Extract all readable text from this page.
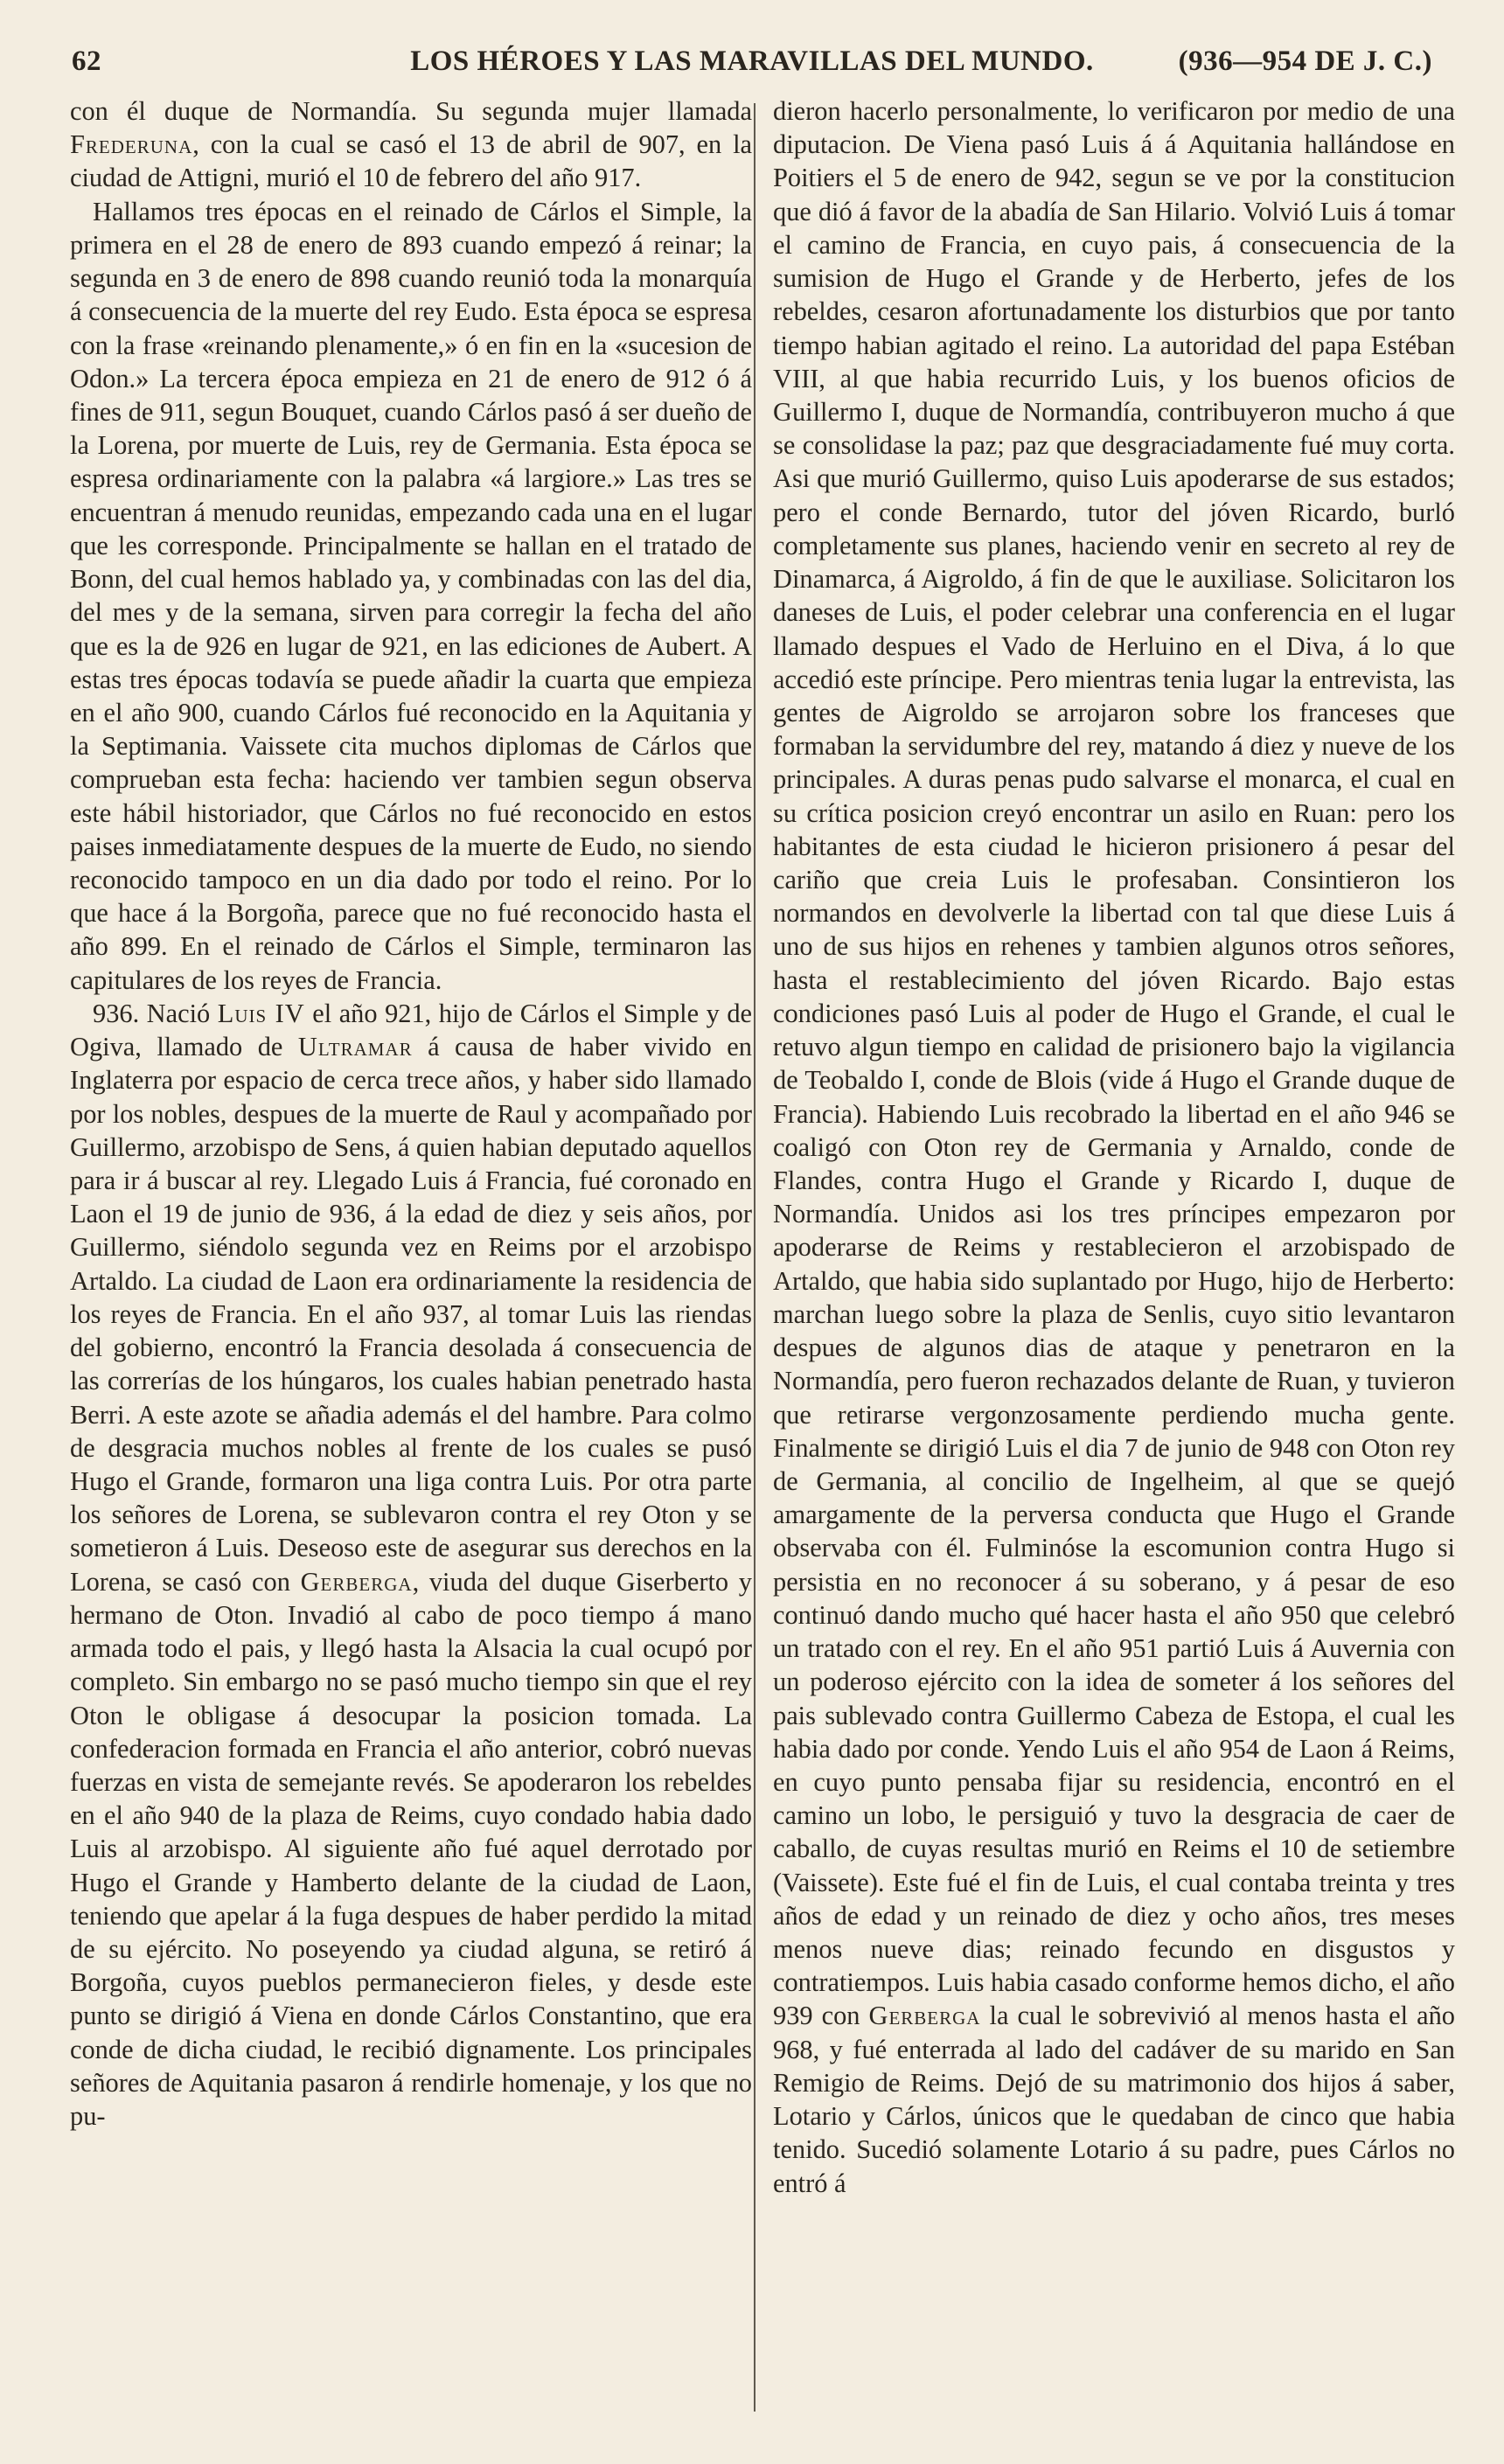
62	LOS HÉROES Y LAS MARAVILLAS DEL MUNDO.	(936—954 DE J. C.)

con él duque de Normandía. Su segunda mujer llamada Frederuna, con la cual se casó el 13 de abril de 907, en la ciudad de Attigni, murió el 10 de febrero del año 917.

Hallamos tres épocas en el reinado de Cárlos el Simple, la primera en el 28 de enero de 893 cuando empezó á reinar; la segunda en 3 de enero de 898 cuando reunió toda la monarquía á consecuencia de la muerte del rey Eudo. Esta época se espresa con la frase «reinando plenamente,» ó en fin en la «sucesion de Odon.» La tercera época empieza en 21 de enero de 912 ó á fines de 911, segun Bouquet, cuando Cárlos pasó á ser dueño de la Lorena, por muerte de Luis, rey de Germania. Esta época se espresa ordinariamente con la palabra «á largiore.» Las tres se encuentran á menudo reunidas, empezando cada una en el lugar que les corresponde. Principalmente se hallan en el tratado de Bonn, del cual hemos hablado ya, y combinadas con las del dia, del mes y de la semana, sirven para corregir la fecha del año que es la de 926 en lugar de 921, en las ediciones de Aubert. A estas tres épocas todavía se puede añadir la cuarta que empieza en el año 900, cuando Cárlos fué reconocido en la Aquitania y la Septimania. Vaissete cita muchos diplomas de Cárlos que comprueban esta fecha: haciendo ver tambien segun observa este hábil historiador, que Cárlos no fué reconocido en estos paises inmediatamente despues de la muerte de Eudo, no siendo reconocido tampoco en un dia dado por todo el reino. Por lo que hace á la Borgoña, parece que no fué reconocido hasta el año 899. En el reinado de Cárlos el Simple, terminaron las capitulares de los reyes de Francia.

936. Nació Luis IV el año 921, hijo de Cárlos el Simple y de Ogiva, llamado de Ultramar á causa de haber vivido en Inglaterra por espacio de cerca trece años, y haber sido llamado por los nobles, despues de la muerte de Raul y acompañado por Guillermo, arzobispo de Sens, á quien habian deputado aquellos para ir á buscar al rey. Llegado Luis á Francia, fué coronado en Laon el 19 de junio de 936, á la edad de diez y seis años, por Guillermo, siéndolo segunda vez en Reims por el arzobispo Artaldo. La ciudad de Laon era ordinariamente la residencia de los reyes de Francia. En el año 937, al tomar Luis las riendas del gobierno, encontró la Francia desolada á consecuencia de las correrías de los húngaros, los cuales habian penetrado hasta Berri. A este azote se añadia además el del hambre. Para colmo de desgracia muchos nobles al frente de los cuales se pusó Hugo el Grande, formaron una liga contra Luis. Por otra parte los señores de Lorena, se sublevaron contra el rey Oton y se sometieron á Luis. Deseoso este de asegurar sus derechos en la Lorena, se casó con Gerberga, viuda del duque Giserberto y hermano de Oton. Invadió al cabo de poco tiempo á mano armada todo el pais, y llegó hasta la Alsacia la cual ocupó por completo. Sin embargo no se pasó mucho tiempo sin que el rey Oton le obligase á desocupar la posicion tomada. La confederacion formada en Francia el año anterior, cobró nuevas fuerzas en vista de semejante revés. Se apoderaron los rebeldes en el año 940 de la plaza de Reims, cuyo condado habia dado Luis al arzobispo. Al siguiente año fué aquel derrotado por Hugo el Grande y Hamberto delante de la ciudad de Laon, teniendo que apelar á la fuga despues de haber perdido la mitad de su ejército. No poseyendo ya ciudad alguna, se retiró á Borgoña, cuyos pueblos permanecieron fieles, y desde este punto se dirigió á Viena en donde Cárlos Constantino, que era conde de dicha ciudad, le recibió dignamente. Los principales señores de Aquitania pasaron á rendirle homenaje, y los que no pu-

dieron hacerlo personalmente, lo verificaron por medio de una diputacion. De Viena pasó Luis á á Aquitania hallándose en Poitiers el 5 de enero de 942, segun se ve por la constitucion que dió á favor de la abadía de San Hilario. Volvió Luis á tomar el camino de Francia, en cuyo pais, á consecuencia de la sumision de Hugo el Grande y de Herberto, jefes de los rebeldes, cesaron afortunadamente los disturbios que por tanto tiempo habian agitado el reino. La autoridad del papa Estéban VIII, al que habia recurrido Luis, y los buenos oficios de Guillermo I, duque de Normandía, contribuyeron mucho á que se consolidase la paz; paz que desgraciadamente fué muy corta. Asi que murió Guillermo, quiso Luis apoderarse de sus estados; pero el conde Bernardo, tutor del jóven Ricardo, burló completamente sus planes, haciendo venir en secreto al rey de Dinamarca, á Aigroldo, á fin de que le auxiliase. Solicitaron los daneses de Luis, el poder celebrar una conferencia en el lugar llamado despues el Vado de Herluino en el Diva, á lo que accedió este príncipe. Pero mientras tenia lugar la entrevista, las gentes de Aigroldo se arrojaron sobre los franceses que formaban la servidumbre del rey, matando á diez y nueve de los principales. A duras penas pudo salvarse el monarca, el cual en su crítica posicion creyó encontrar un asilo en Ruan: pero los habitantes de esta ciudad le hicieron prisionero á pesar del cariño que creia Luis le profesaban. Consintieron los normandos en devolverle la libertad con tal que diese Luis á uno de sus hijos en rehenes y tambien algunos otros señores, hasta el restablecimiento del jóven Ricardo. Bajo estas condiciones pasó Luis al poder de Hugo el Grande, el cual le retuvo algun tiempo en calidad de prisionero bajo la vigilancia de Teobaldo I, conde de Blois (vide á Hugo el Grande duque de Francia). Habiendo Luis recobrado la libertad en el año 946 se coaligó con Oton rey de Germania y Arnaldo, conde de Flandes, contra Hugo el Grande y Ricardo I, duque de Normandía. Unidos asi los tres príncipes empezaron por apoderarse de Reims y restablecieron el arzobispado de Artaldo, que habia sido suplantado por Hugo, hijo de Herberto: marchan luego sobre la plaza de Senlis, cuyo sitio levantaron despues de algunos dias de ataque y penetraron en la Normandía, pero fueron rechazados delante de Ruan, y tuvieron que retirarse vergonzosamente perdiendo mucha gente. Finalmente se dirigió Luis el dia 7 de junio de 948 con Oton rey de Germania, al concilio de Ingelheim, al que se quejó amargamente de la perversa conducta que Hugo el Grande observaba con él. Fulminóse la escomunion contra Hugo si persistia en no reconocer á su soberano, y á pesar de eso continuó dando mucho qué hacer hasta el año 950 que celebró un tratado con el rey. En el año 951 partió Luis á Auvernia con un poderoso ejército con la idea de someter á los señores del pais sublevado contra Guillermo Cabeza de Estopa, el cual les habia dado por conde. Yendo Luis el año 954 de Laon á Reims, en cuyo punto pensaba fijar su residencia, encontró en el camino un lobo, le persiguió y tuvo la desgracia de caer de caballo, de cuyas resultas murió en Reims el 10 de setiembre (Vaissete). Este fué el fin de Luis, el cual contaba treinta y tres años de edad y un reinado de diez y ocho años, tres meses menos nueve dias; reinado fecundo en disgustos y contratiempos. Luis habia casado conforme hemos dicho, el año 939 con Gerberga la cual le sobrevivió al menos hasta el año 968, y fué enterrada al lado del cadáver de su marido en San Remigio de Reims. Dejó de su matrimonio dos hijos á saber, Lotario y Cárlos, únicos que le quedaban de cinco que habia tenido. Sucedió solamente Lotario á su padre, pues Cárlos no entró á
